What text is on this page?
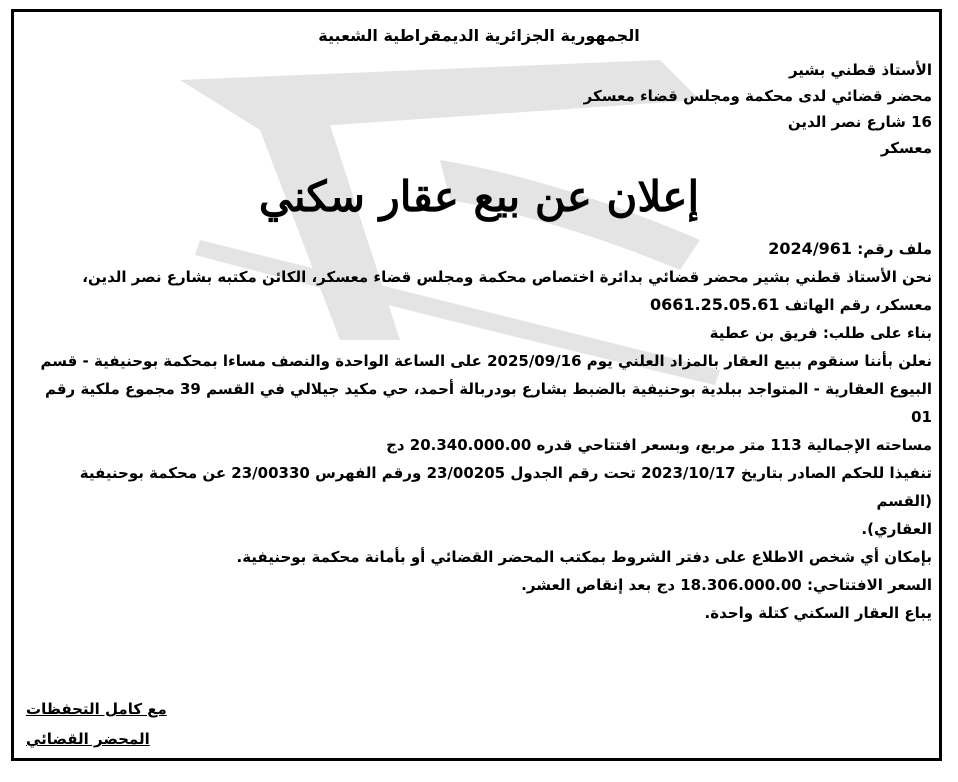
الجمهورية الجزائرية الديمقراطية الشعبية
الأستاذ قطني بشير
محضر قضائي لدى محكمة ومجلس قضاء معسكر
16 شارع نصر الدين
معسكر
إعلان عن بيع عقار سكني
ملف رقم: 2024/961
نحن الأستاذ قطني بشير محضر قضائي بدائرة اختصاص محكمة ومجلس قضاء معسكر، الكائن مكتبه بشارع نصر الدين،
معسكر، رقم الهاتف 0661.25.05.61
بناء على طلب: فريق بن عطية
نعلن بأننا سنقوم ببيع العقار بالمزاد العلني يوم 2025/09/16 على الساعة الواحدة والنصف مساءا بمحكمة بوحنيفية - قسم
البيوع العقارية - المتواجد ببلدية بوحنيفية بالضبط بشارع بودربالة أحمد، حي مكيد جيلالي في القسم 39 مجموع ملكية رقم 01
مساحته الإجمالية 113 متر مربع، وبسعر افتتاحي قدره 20.340.000.00 دج
تنفيذا للحكم الصادر بتاريخ 2023/10/17 تحت رقم الجدول 23/00205 ورقم الفهرس 23/00330 عن محكمة بوحنيفية (القسم
العقاري).
بإمكان أي شخص الاطلاع على دفتر الشروط بمكتب المحضر القضائي أو بأمانة محكمة بوحنيفية.
السعر الافتتاحي: 18.306.000.00 دج بعد إنقاص العشر.
يباع العقار السكني كتلة واحدة.
مع كامل التحفظات
المحضر القضائي
